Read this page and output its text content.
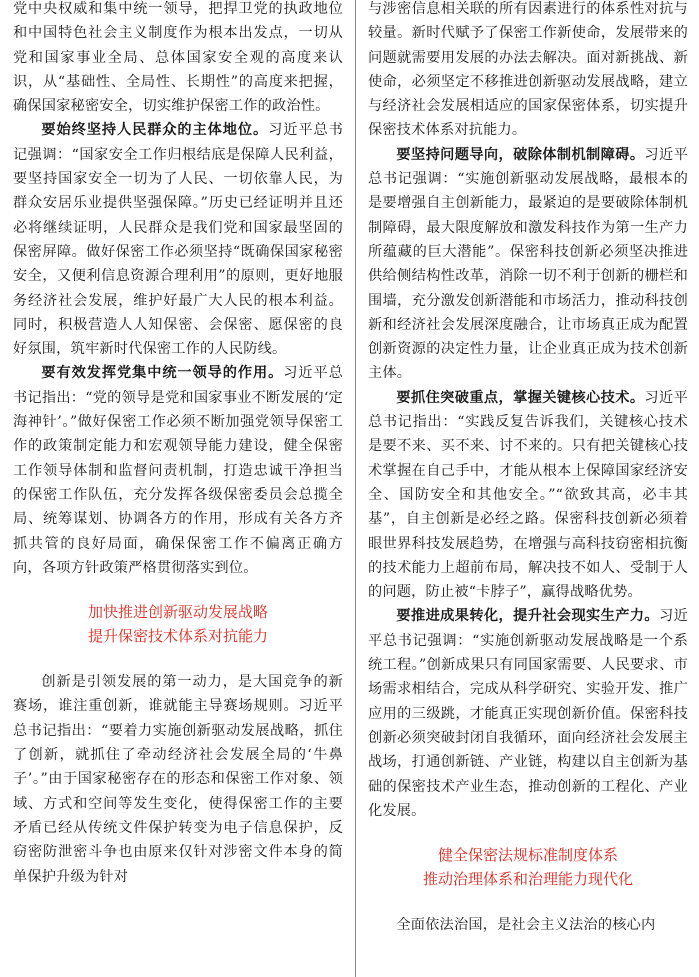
党中央权威和集中统一领导，把捍卫党的执政地位和中国特色社会主义制度作为根本出发点，一切从党和国家事业全局、总体国家安全观的高度来认识，从“基础性、全局性、长期性”的高度来把握，确保国家秘密安全，切实维护保密工作的政治性。

要始终坚持人民群众的主体地位。习近平总书记强调：“国家安全工作归根结底是保障人民利益，要坚持国家安全一切为了人民、一切依靠人民，为群众安居乐业提供坚强保障。”历史已经证明并且还必将继续证明，人民群众是我们党和国家最坚固的保密屏障。做好保密工作必须坚持“既确保国家秘密安全，又便利信息资源合理利用”的原则，更好地服务经济社会发展，维护好最广大人民的根本利益。同时，积极营造人人知保密、会保密、愿保密的良好氛围，筑牢新时代保密工作的人民防线。

要有效发挥党集中统一领导的作用。习近平总书记指出：“党的领导是党和国家事业不断发展的‘定海神针’。”做好保密工作必须不断加强党领导保密工作的政策制定能力和宏观领导能力建设，健全保密工作领导体制和监督问责机制，打造忠诚干净担当的保密工作队伍，充分发挥各级保密委员会总揽全局、统筹谋划、协调各方的作用，形成有关各方齐抓共管的良好局面，确保保密工作不偏离正确方向，各项方针政策严格贯彻落实到位。

加快推进创新驱动发展战略
提升保密技术体系对抗能力

创新是引领发展的第一动力，是大国竞争的新赛场，谁注重创新，谁就能主导赛场规则。习近平总书记指出：“要着力实施创新驱动发展战略，抓住了创新，就抓住了牵动经济社会发展全局的‘牛鼻子’。”由于国家秘密存在的形态和保密工作对象、领域、方式和空间等发生变化，使得保密工作的主要矛盾已经从传统文件保护转变为电子信息保护，反窃密防泄密斗争也由原来仅针对涉密文件本身的简单保护升级为针对

与涉密信息相关联的所有因素进行的体系性对抗与较量。新时代赋予了保密工作新使命，发展带来的问题就需要用发展的办法去解决。面对新挑战、新使命，必须坚定不移推进创新驱动发展战略，建立与经济社会发展相适应的国家保密体系，切实提升保密技术体系对抗能力。

要坚持问题导向，破除体制机制障碍。习近平总书记强调：“实施创新驱动发展战略，最根本的是要增强自主创新能力，最紧迫的是要破除体制机制障碍，最大限度解放和激发科技作为第一生产力所蕴藏的巨大潜能”。保密科技创新必须坚决推进供给侧结构性改革，消除一切不利于创新的栅栏和围墙，充分激发创新潜能和市场活力，推动科技创新和经济社会发展深度融合，让市场真正成为配置创新资源的决定性力量，让企业真正成为技术创新主体。

要抓住突破重点，掌握关键核心技术。习近平总书记指出：“实践反复告诉我们，关键核心技术是要不来、买不来、讨不来的。只有把关键核心技术掌握在自己手中，才能从根本上保障国家经济安全、国防安全和其他安全。”“欲致其高，必丰其基”，自主创新是必经之路。保密科技创新必须着眼世界科技发展趋势，在增强与高科技窃密相抗衡的技术能力上超前布局，解决技不如人、受制于人的问题，防止被“卡脖子”，赢得战略优势。

要推进成果转化，提升社会现实生产力。习近平总书记强调：“实施创新驱动发展战略是一个系统工程。”创新成果只有同国家需要、人民要求、市场需求相结合，完成从科学研究、实验开发、推广应用的三级跳，才能真正实现创新价值。保密科技创新必须突破封闭自我循环，面向经济社会发展主战场，打通创新链、产业链，构建以自主创新为基础的保密技术产业生态，推动创新的工程化、产业化发展。

健全保密法规标准制度体系
推动治理体系和治理能力现代化

全面依法治国，是社会主义法治的核心内
